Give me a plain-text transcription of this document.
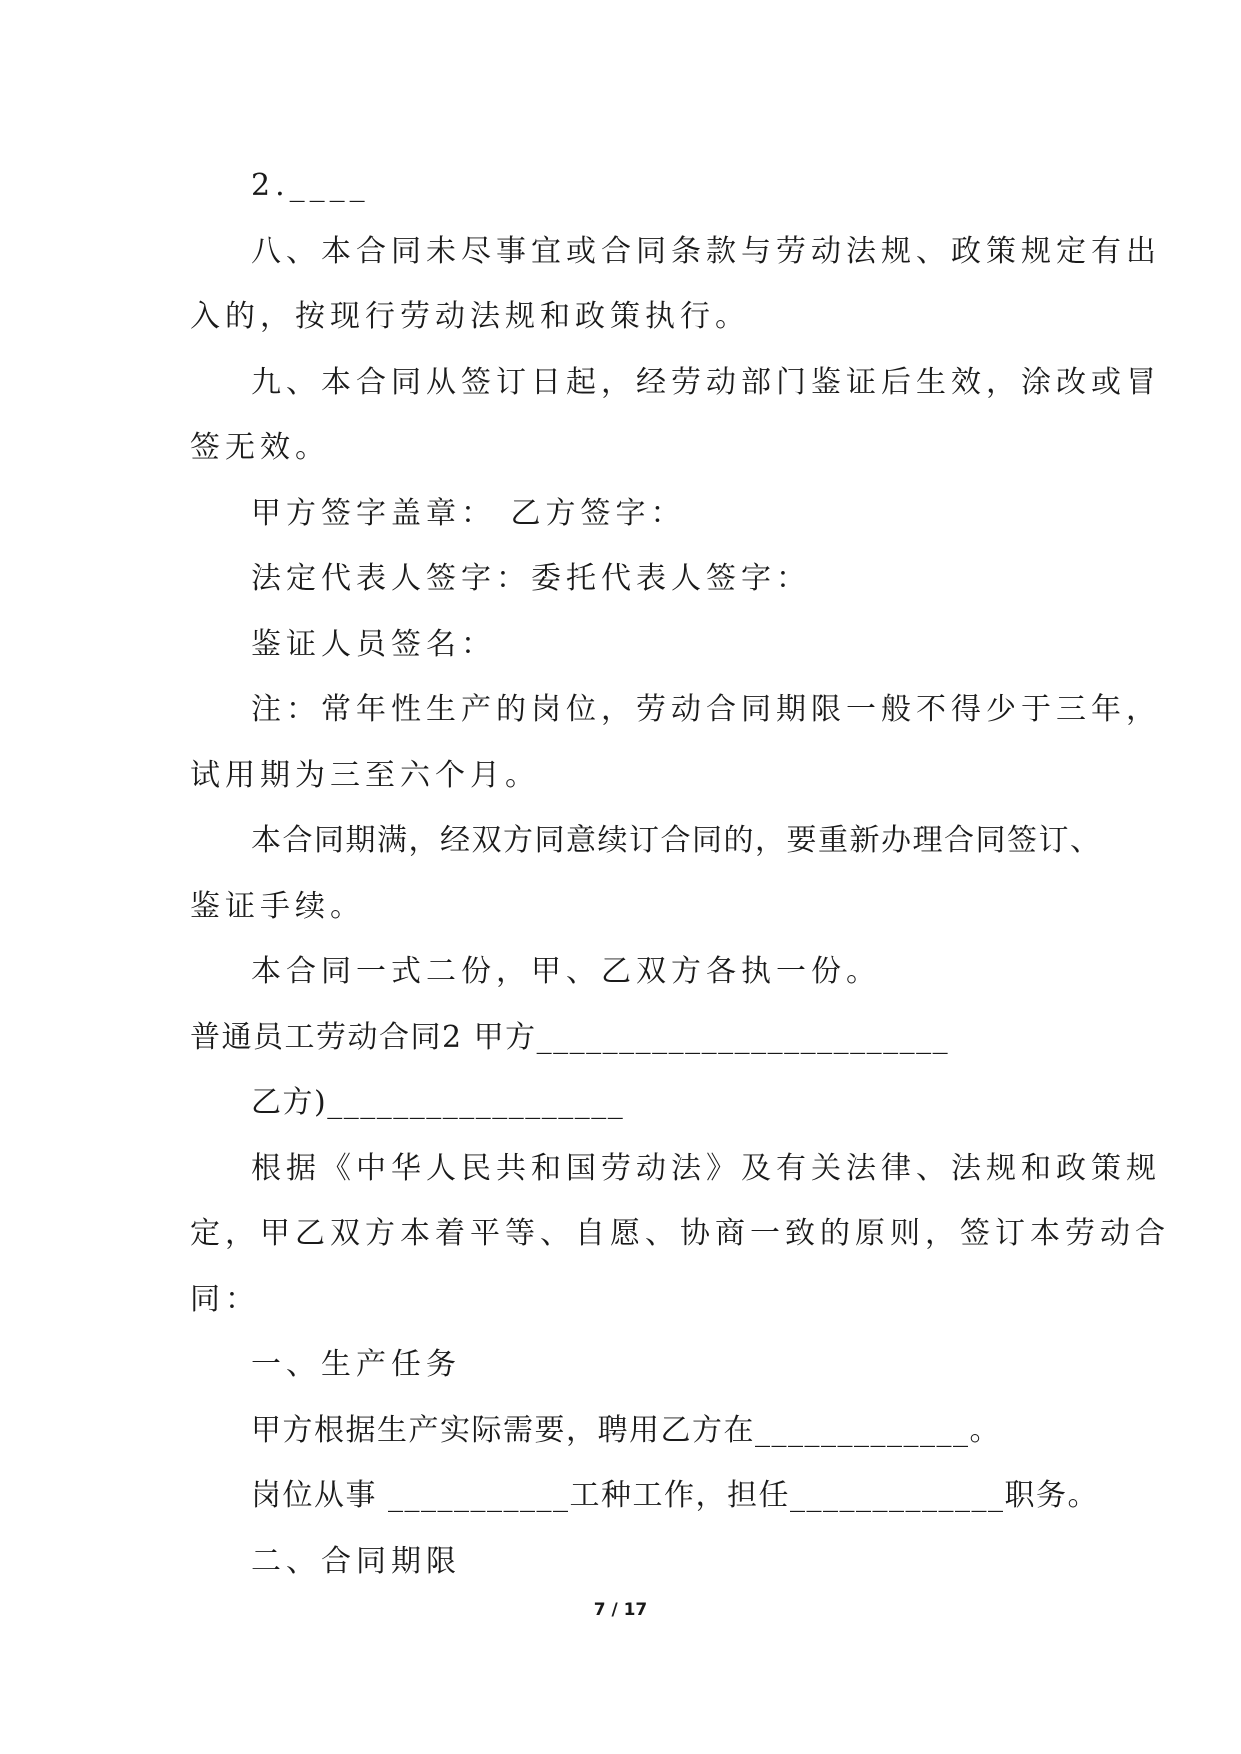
2.____
八、本合同未尽事宜或合同条款与劳动法规、政策规定有出
入的，按现行劳动法规和政策执行。
九、本合同从签订日起，经劳动部门鉴证后生效，涂改或冒
签无效。
甲方签字盖章： 乙方签字：
法定代表人签字：委托代表人签字：
鉴证人员签名：
注：常年性生产的岗位，劳动合同期限一般不得少于三年，
试用期为三至六个月。
本合同期满，经双方同意续订合同的，要重新办理合同签订、
鉴证手续。
本合同一式二份，甲、乙双方各执一份。
普通员工劳动合同2 甲方_________________________
乙方)__________________
根据《中华人民共和国劳动法》及有关法律、法规和政策规
定，甲乙双方本着平等、自愿、协商一致的原则，签订本劳动合
同：
一、生产任务
甲方根据生产实际需要，聘用乙方在_____________。
岗位从事 ___________工种工作，担任_____________职务。
二、合同期限
7 / 17
